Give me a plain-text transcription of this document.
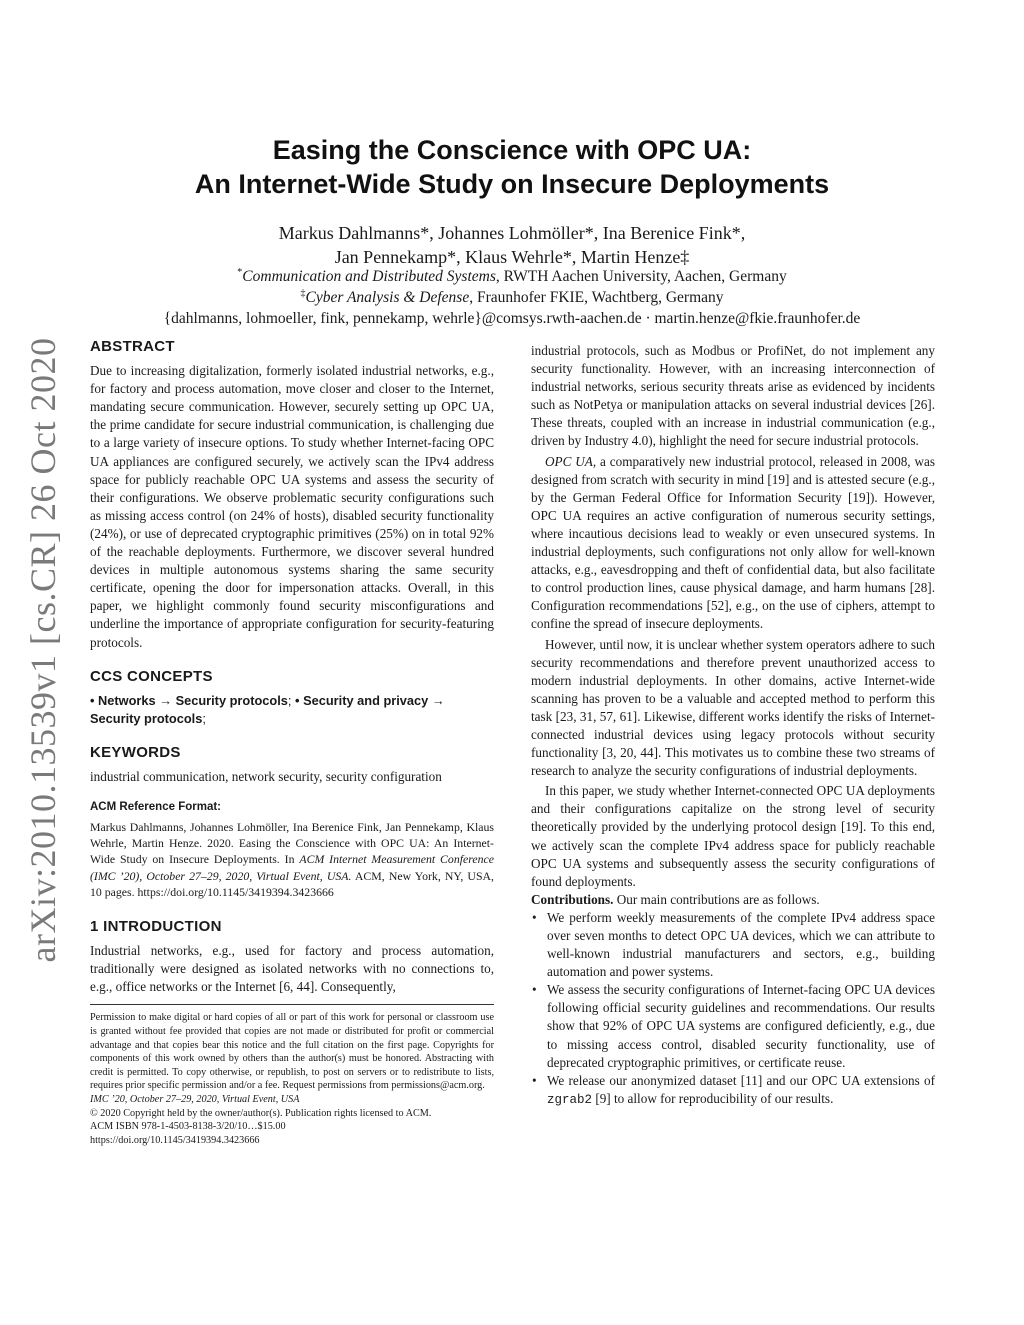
arXiv:2010.13539v1 [cs.CR] 26 Oct 2020
Easing the Conscience with OPC UA:
An Internet-Wide Study on Insecure Deployments
Markus Dahlmanns*, Johannes Lohmöller*, Ina Berenice Fink*,
Jan Pennekamp*, Klaus Wehrle*, Martin Henze‡
*Communication and Distributed Systems, RWTH Aachen University, Aachen, Germany
‡Cyber Analysis & Defense, Fraunhofer FKIE, Wachtberg, Germany
{dahlmanns, lohmoeller, fink, pennekamp, wehrle}@comsys.rwth-aachen.de · martin.henze@fkie.fraunhofer.de
ABSTRACT

Due to increasing digitalization, formerly isolated industrial networks, e.g., for factory and process automation, move closer and closer to the Internet, mandating secure communication. However, securely setting up OPC UA, the prime candidate for secure industrial communication, is challenging due to a large variety of insecure options. To study whether Internet-facing OPC UA appliances are configured securely, we actively scan the IPv4 address space for publicly reachable OPC UA systems and assess the security of their configurations. We observe problematic security configurations such as missing access control (on 24% of hosts), disabled security functionality (24%), or use of deprecated cryptographic primitives (25%) on in total 92% of the reachable deployments. Furthermore, we discover several hundred devices in multiple autonomous systems sharing the same security certificate, opening the door for impersonation attacks. Overall, in this paper, we highlight commonly found security misconfigurations and underline the importance of appropriate configuration for security-featuring protocols.

CCS CONCEPTS
• Networks → Security protocols; • Security and privacy → Security protocols;
KEYWORDS

industrial communication, network security, security configuration

ACM Reference Format:

Markus Dahlmanns, Johannes Lohmöller, Ina Berenice Fink, Jan Pennekamp, Klaus Wehrle, Martin Henze. 2020. Easing the Conscience with OPC UA: An Internet-Wide Study on Insecure Deployments. In ACM Internet Measurement Conference (IMC ’20), October 27–29, 2020, Virtual Event, USA. ACM, New York, NY, USA, 10 pages. https://doi.org/10.1145/3419394.3423666

1 INTRODUCTION

Industrial networks, e.g., used for factory and process automation, traditionally were designed as isolated networks with no connections to, e.g., office networks or the Internet [6, 44]. Consequently,

Permission to make digital or hard copies of all or part of this work for personal or classroom use is granted without fee provided that copies are not made or distributed for profit or commercial advantage and that copies bear this notice and the full citation on the first page. Copyrights for components of this work owned by others than the author(s) must be honored. Abstracting with credit is permitted. To copy otherwise, or republish, to post on servers or to redistribute to lists, requires prior specific permission and/or a fee. Request permissions from permissions@acm.org.
IMC ’20, October 27–29, 2020, Virtual Event, USA
© 2020 Copyright held by the owner/author(s). Publication rights licensed to ACM.
ACM ISBN 978-1-4503-8138-3/20/10…$15.00
https://doi.org/10.1145/3419394.3423666

industrial protocols, such as Modbus or ProfiNet, do not implement any security functionality. However, with an increasing interconnection of industrial networks, serious security threats arise as evidenced by incidents such as NotPetya or manipulation attacks on several industrial devices [26]. These threats, coupled with an increase in industrial communication (e.g., driven by Industry 4.0), highlight the need for secure industrial protocols.

OPC UA, a comparatively new industrial protocol, released in 2008, was designed from scratch with security in mind [19] and is attested secure (e.g., by the German Federal Office for Information Security [19]). However, OPC UA requires an active configuration of numerous security settings, where incautious decisions lead to weakly or even unsecured systems. In industrial deployments, such configurations not only allow for well-known attacks, e.g., eavesdropping and theft of confidential data, but also facilitate to control production lines, cause physical damage, and harm humans [28]. Configuration recommendations [52], e.g., on the use of ciphers, attempt to confine the spread of insecure deployments.

However, until now, it is unclear whether system operators adhere to such security recommendations and therefore prevent unauthorized access to modern industrial deployments. In other domains, active Internet-wide scanning has proven to be a valuable and accepted method to perform this task [23, 31, 57, 61]. Likewise, different works identify the risks of Internet-connected industrial devices using legacy protocols without security functionality [3, 20, 44]. This motivates us to combine these two streams of research to analyze the security configurations of industrial deployments.

In this paper, we study whether Internet-connected OPC UA deployments and their configurations capitalize on the strong level of security theoretically provided by the underlying protocol design [19]. To this end, we actively scan the complete IPv4 address space for publicly reachable OPC UA systems and subsequently assess the security configurations of found deployments.

Contributions. Our main contributions are as follows.

• We perform weekly measurements of the complete IPv4 address space over seven months to detect OPC UA devices, which we can attribute to well-known industrial manufacturers and sectors, e.g., building automation and power systems.
• We assess the security configurations of Internet-facing OPC UA devices following official security guidelines and recommendations. Our results show that 92% of OPC UA systems are configured deficiently, e.g., due to missing access control, disabled security functionality, use of deprecated cryptographic primitives, or certificate reuse.
• We release our anonymized dataset [11] and our OPC UA extensions of zgrab2 [9] to allow for reproducibility of our results.
